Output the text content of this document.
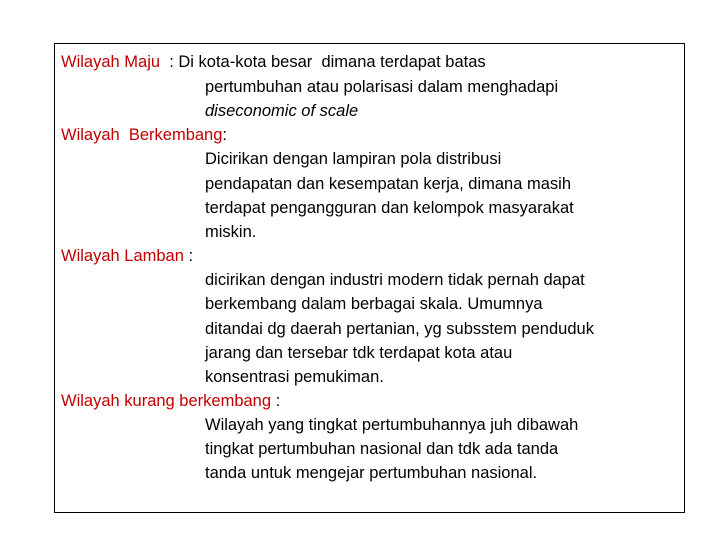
Wilayah Maju  : Di kota-kota besar  dimana terdapat batas
pertumbuhan atau polarisasi dalam menghadapi
diseconomic of scale
Wilayah  Berkembang:
Dicirikan dengan lampiran pola distribusi
pendapatan dan kesempatan kerja, dimana masih
terdapat pengangguran dan kelompok masyarakat
miskin.
Wilayah Lamban :
dicirikan dengan industri modern tidak pernah dapat
berkembang dalam berbagai skala. Umumnya
ditandai dg daerah pertanian, yg subsstem penduduk
jarang dan tersebar tdk terdapat kota atau
konsentrasi pemukiman.
Wilayah kurang berkembang :
Wilayah yang tingkat pertumbuhannya juh dibawah
tingkat pertumbuhan nasional dan tdk ada tanda
tanda untuk mengejar pertumbuhan nasional.
